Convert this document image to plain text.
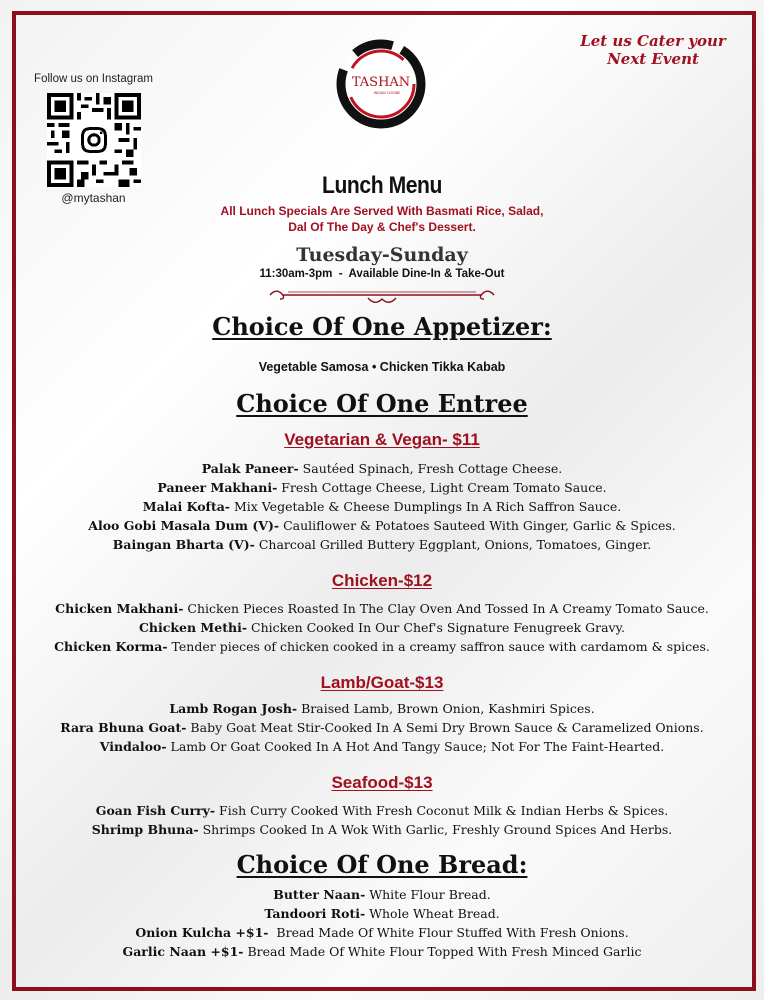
Let us Cater your
Next Event
Follow us on Instagram
@mytashan
TASHAN
INDIAN CUISINE
Lunch Menu
All Lunch Specials Are Served With Basmati Rice, Salad,
Dal Of The Day & Chef's Dessert.
Tuesday-Sunday
11:30am-3pm  -  Available Dine-In & Take-Out
Choice Of One Appetizer:
Vegetable Samosa • Chicken Tikka Kabab
Choice Of One Entree
Vegetarian & Vegan- $11
Palak Paneer- Sautéed Spinach, Fresh Cottage Cheese.
Paneer Makhani- Fresh Cottage Cheese, Light Cream Tomato Sauce.
Malai Kofta- Mix Vegetable & Cheese Dumplings In A Rich Saffron Sauce.
Aloo Gobi Masala Dum (V)- Cauliflower & Potatoes Sauteed With Ginger, Garlic & Spices.
Baingan Bharta (V)- Charcoal Grilled Buttery Eggplant, Onions, Tomatoes, Ginger.
Chicken-$12
Chicken Makhani- Chicken Pieces Roasted In The Clay Oven And Tossed In A Creamy Tomato Sauce.
Chicken Methi- Chicken Cooked In Our Chef's Signature Fenugreek Gravy.
Chicken Korma- Tender pieces of chicken cooked in a creamy saffron sauce with cardamom & spices.
Lamb/Goat-$13
Lamb Rogan Josh- Braised Lamb, Brown Onion, Kashmiri Spices.
Rara Bhuna Goat- Baby Goat Meat Stir-Cooked In A Semi Dry Brown Sauce & Caramelized Onions.
Vindaloo- Lamb Or Goat Cooked In A Hot And Tangy Sauce; Not For The Faint-Hearted.
Seafood-$13
Goan Fish Curry- Fish Curry Cooked With Fresh Coconut Milk & Indian Herbs & Spices.
Shrimp Bhuna- Shrimps Cooked In A Wok With Garlic, Freshly Ground Spices And Herbs.
Choice Of One Bread:
Butter Naan- White Flour Bread.
Tandoori Roti- Whole Wheat Bread.
Onion Kulcha +$1-  Bread Made Of White Flour Stuffed With Fresh Onions.
Garlic Naan +$1- Bread Made Of White Flour Topped With Fresh Minced Garlic
